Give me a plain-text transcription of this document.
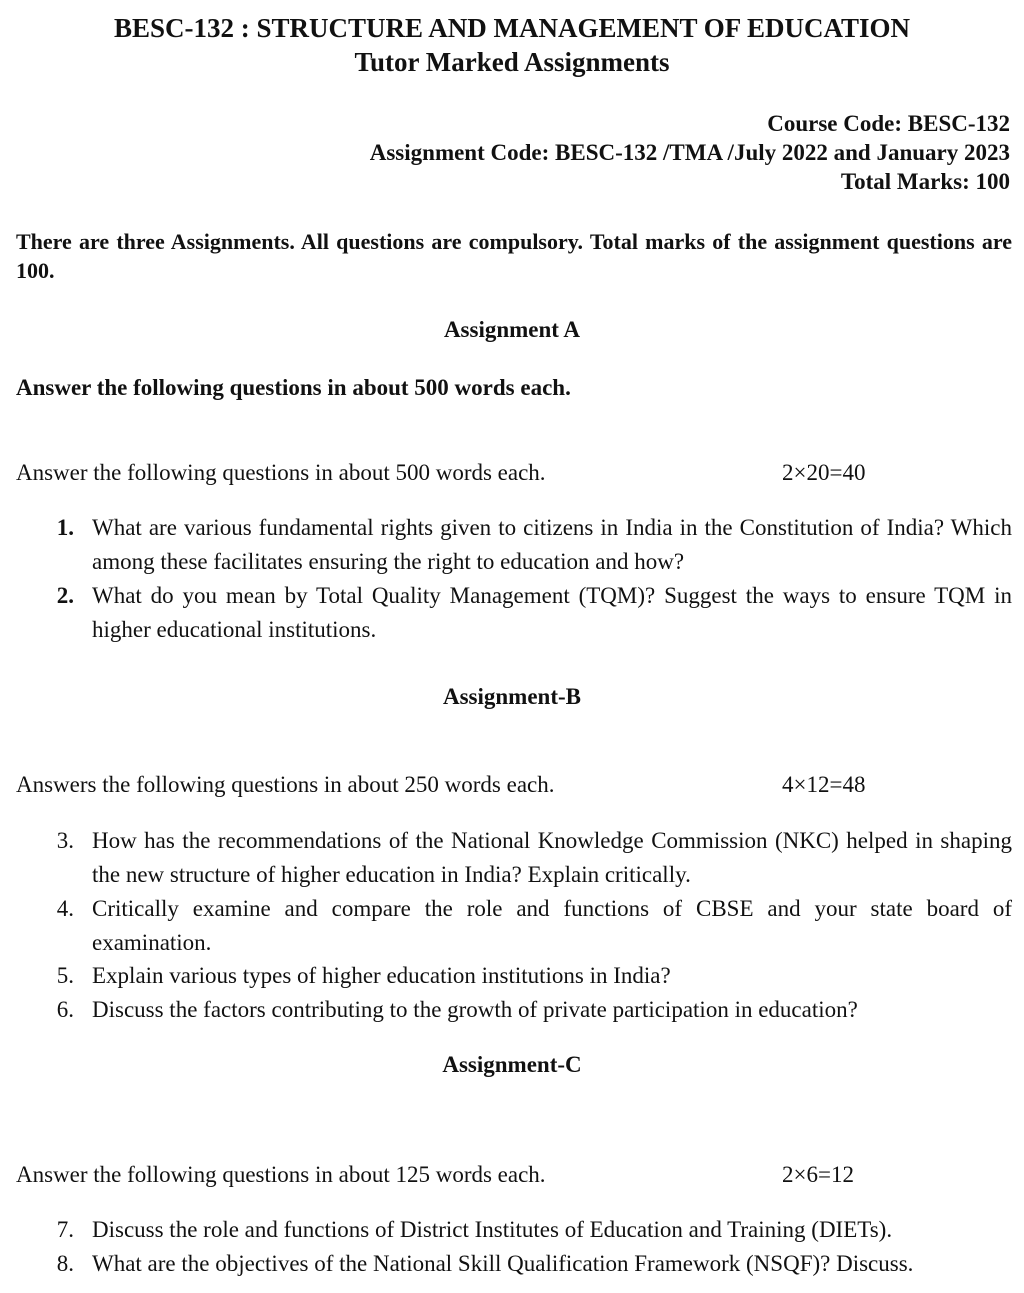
BESC-132 : STRUCTURE AND MANAGEMENT OF EDUCATION
Tutor Marked Assignments
Course Code: BESC-132
Assignment Code: BESC-132 /TMA /July 2022 and January 2023
Total Marks: 100
There are three Assignments. All questions are compulsory. Total marks of the assignment questions are 100.
Assignment A
Answer the following questions in about 500 words each.
Answer the following questions in about 500 words each.	2×20=40
1. What are various fundamental rights given to citizens in India in the Constitution of India? Which among these facilitates ensuring the right to education and how?
2. What do you mean by Total Quality Management (TQM)? Suggest the ways to ensure TQM in higher educational institutions.
Assignment-B
Answers the following questions in about 250 words each.	4×12=48
3. How has the recommendations of the National Knowledge Commission (NKC) helped in shaping the new structure of higher education in India? Explain critically.
4. Critically examine and compare the role and functions of CBSE and your state board of examination.
5. Explain various types of higher education institutions in India?
6. Discuss the factors contributing to the growth of private participation in education?
Assignment-C
Answer the following questions in about 125 words each.	2×6=12
7. Discuss the role and functions of District Institutes of Education and Training (DIETs).
8. What are the objectives of the National Skill Qualification Framework (NSQF)? Discuss.
